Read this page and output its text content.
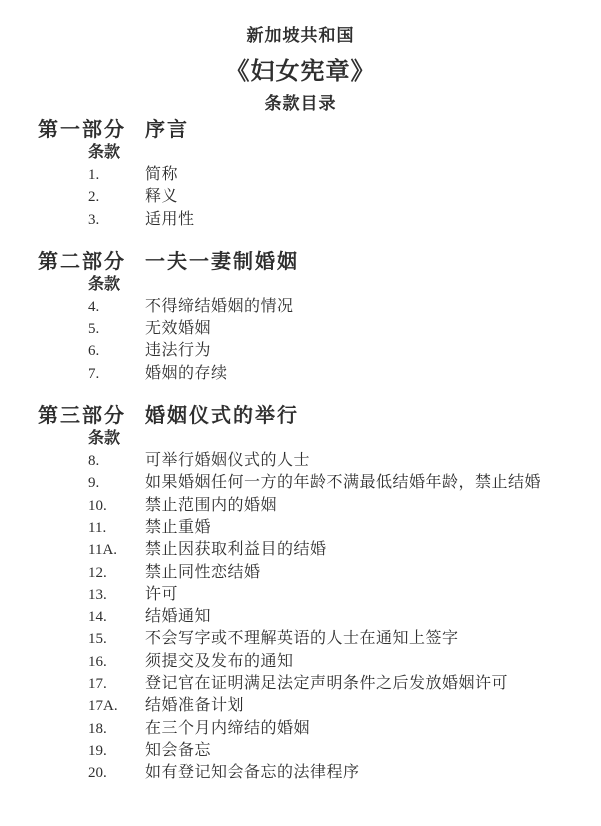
新加坡共和国
《妇女宪章》
条款目录
第一部分 序言
条款
1.	简称
2.	释义
3.	适用性
第二部分 一夫一妻制婚姻
条款
4.	不得缔结婚姻的情况
5.	无效婚姻
6.	违法行为
7.	婚姻的存续
第三部分 婚姻仪式的举行
条款
8.	可举行婚姻仪式的人士
9.	如果婚姻任何一方的年龄不满最低结婚年龄，禁止结婚
10.	禁止范围内的婚姻
11.	禁止重婚
11A.	禁止因获取利益目的结婚
12.	禁止同性恋结婚
13.	许可
14.	结婚通知
15.	不会写字或不理解英语的人士在通知上签字
16.	须提交及发布的通知
17.	登记官在证明满足法定声明条件之后发放婚姻许可
17A.	结婚准备计划
18.	在三个月内缔结的婚姻
19.	知会备忘
20.	如有登记知会备忘的法律程序
